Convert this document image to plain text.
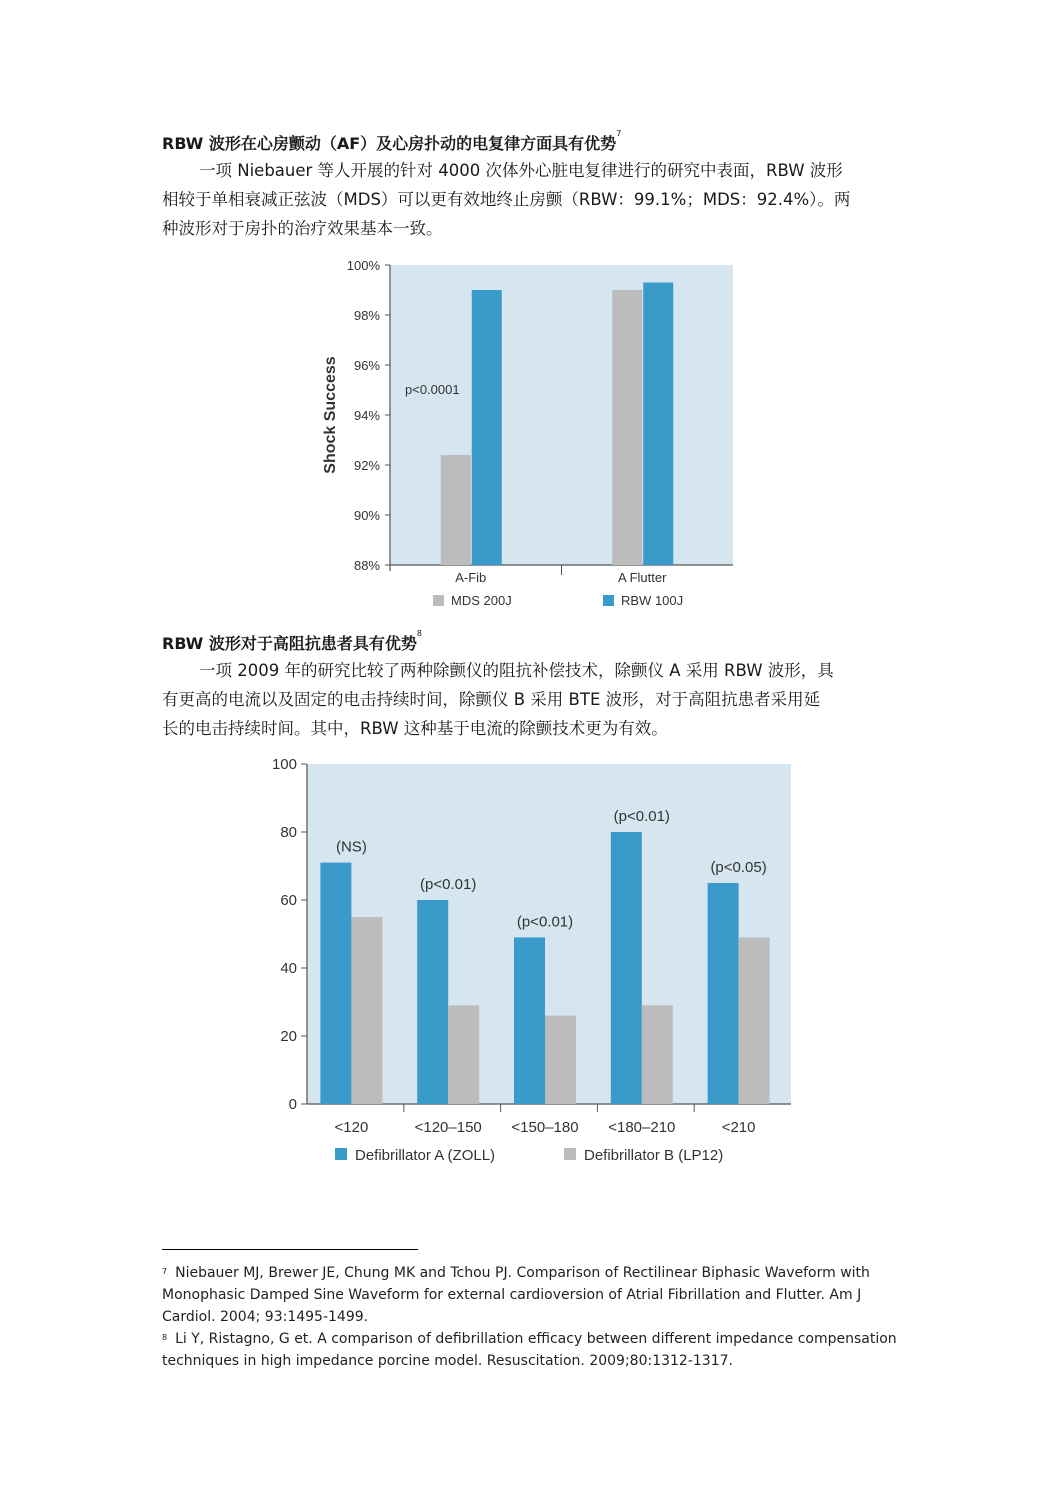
RBW 波形在心房颤动（AF）及心房扑动的电复律方面具有优势$^7$
一项 Niebauer 等人开展的针对 4000 次体外心脏电复律进行的研究中表面，RBW 波形
相较于单相衰减正弦波（MDS）可以更有效地终止房颤（RBW：99.1%；MDS：92.4%）。两
种波形对于房扑的治疗效果基本一致。
100%
98%
96%
94%
92%
90%
88%
Shock Success
A-Fib	A Flutter
p<0.0001
MDS 200J	RBW 100J
RBW 波形对于高阻抗患者具有优势$^8$
一项 2009 年的研究比较了两种除颤仪的阻抗补偿技术，除颤仪 A 采用 RBW 波形，具
有更高的电流以及固定的电击持续时间，除颤仪 B 采用 BTE 波形，对于高阻抗患者采用延
长的电击持续时间。其中，RBW 这种基于电流的除颤技术更为有效。
100
80
60
40
20
0
(NS)
<120
(p<0.01)
<120–150
(p<0.01)
<150–180
(p<0.01)
<180–210
(p<0.05)
<210
Defibrillator A (ZOLL)	Defibrillator B (LP12)
$^7$ Niebauer MJ, Brewer JE, Chung MK and Tchou PJ. Comparison of Rectilinear Biphasic Waveform with
Monophasic Damped Sine Waveform for external cardioversion of Atrial Fibrillation and Flutter. Am J
Cardiol. 2004; 93:1495-1499.
$^8$ Li Y, Ristagno, G et. A comparison of defibrillation efficacy between different impedance compensation
techniques in high impedance porcine model. Resuscitation. 2009;80:1312-1317.
